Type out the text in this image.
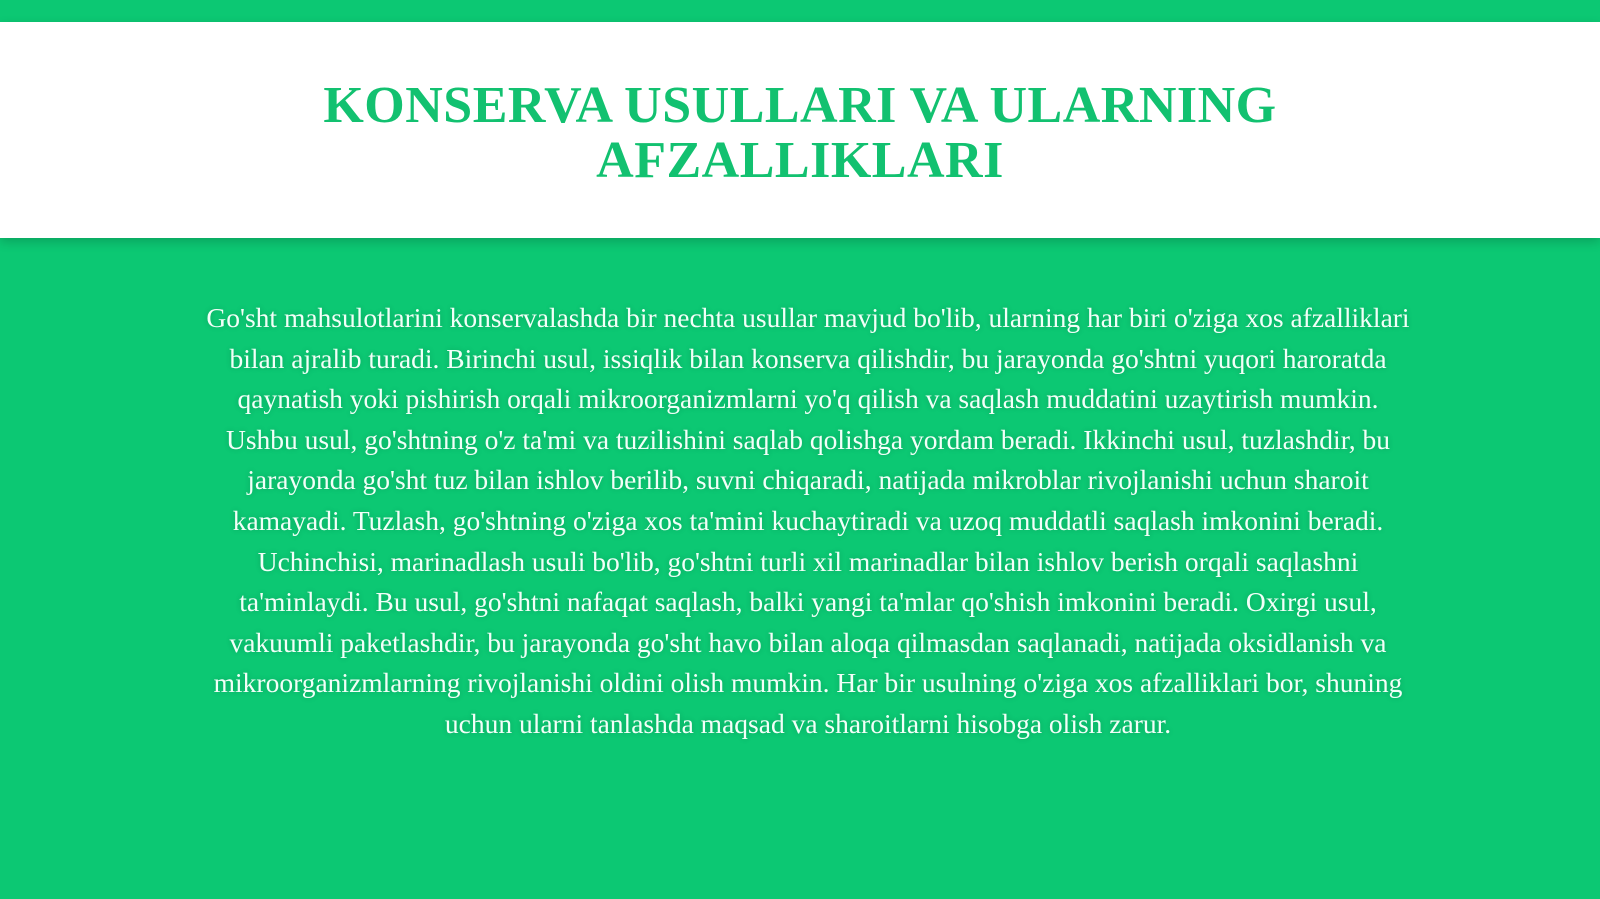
KONSERVA USULLARI VA ULARNING AFZALLIKLARI

Go'sht mahsulotlarini konservalashda bir nechta usullar mavjud bo'lib, ularning har biri o'ziga xos afzalliklari bilan ajralib turadi. Birinchi usul, issiqlik bilan konserva qilishdir, bu jarayonda go'shtni yuqori haroratda qaynatish yoki pishirish orqali mikroorganizmlarni yo'q qilish va saqlash muddatini uzaytirish mumkin. Ushbu usul, go'shtning o'z ta'mi va tuzilishini saqlab qolishga yordam beradi. Ikkinchi usul, tuzlashdir, bu jarayonda go'sht tuz bilan ishlov berilib, suvni chiqaradi, natijada mikroblar rivojlanishi uchun sharoit kamayadi. Tuzlash, go'shtning o'ziga xos ta'mini kuchaytiradi va uzoq muddatli saqlash imkonini beradi. Uchinchisi, marinadlash usuli bo'lib, go'shtni turli xil marinadlar bilan ishlov berish orqali saqlashni ta'minlaydi. Bu usul, go'shtni nafaqat saqlash, balki yangi ta'mlar qo'shish imkonini beradi. Oxirgi usul, vakuumli paketlashdir, bu jarayonda go'sht havo bilan aloqa qilmasdan saqlanadi, natijada oksidlanish va mikroorganizmlarning rivojlanishi oldini olish mumkin. Har bir usulning o'ziga xos afzalliklari bor, shuning uchun ularni tanlashda maqsad va sharoitlarni hisobga olish zarur.
